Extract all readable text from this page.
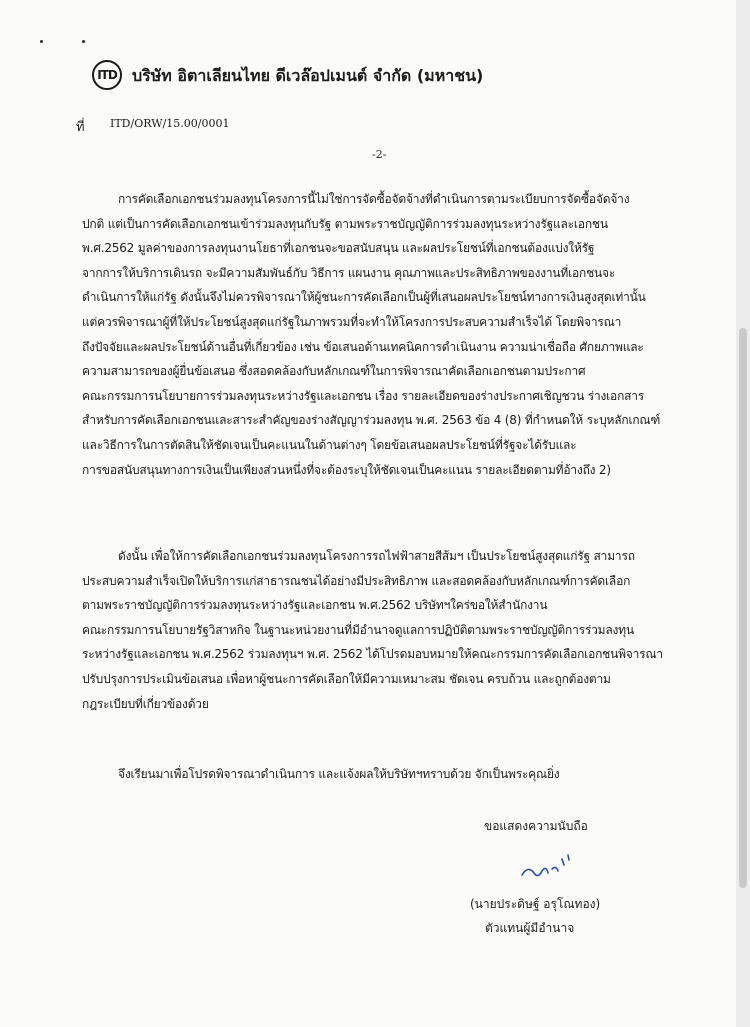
ITD บริษัท อิตาเลียนไทย ดีเวล๊อปเมนต์ จำกัด (มหาชน)
ที่ ITD/ORW/15.00/0001
-2-
การคัดเลือกเอกชนร่วมลงทุนโครงการนี้ไม่ใช่การจัดซื้อจัดจ้างที่ดำเนินการตามระเบียบการจัดซื้อจัดจ้าง
ปกติ แต่เป็นการคัดเลือกเอกชนเข้าร่วมลงทุนกับรัฐ ตามพระราชบัญญัติการร่วมลงทุนระหว่างรัฐและเอกชน
พ.ศ.2562 มูลค่าของการลงทุนงานโยธาที่เอกชนจะขอสนับสนุน และผลประโยชน์ที่เอกชนต้องแบ่งให้รัฐ
จากการให้บริการเดินรถ จะมีความสัมพันธ์กับ วิธีการ แผนงาน คุณภาพและประสิทธิภาพของงานที่เอกชนจะ
ดำเนินการให้แก่รัฐ ดังนั้นจึงไม่ควรพิจารณาให้ผู้ชนะการคัดเลือกเป็นผู้ที่เสนอผลประโยชน์ทางการเงินสูงสุดเท่านั้น
แต่ควรพิจารณาผู้ที่ให้ประโยชน์สูงสุดแก่รัฐในภาพรวมที่จะทำให้โครงการประสบความสำเร็จได้ โดยพิจารณา
ถึงปัจจัยและผลประโยชน์ด้านอื่นที่เกี่ยวข้อง เช่น ข้อเสนอด้านเทคนิคการดำเนินงาน ความน่าเชื่อถือ ศักยภาพและ
ความสามารถของผู้ยื่นข้อเสนอ ซึ่งสอดคล้องกับหลักเกณฑ์ในการพิจารณาคัดเลือกเอกชนตามประกาศ
คณะกรรมการนโยบายการร่วมลงทุนระหว่างรัฐและเอกชน เรื่อง รายละเอียดของร่างประกาศเชิญชวน ร่างเอกสาร
สำหรับการคัดเลือกเอกชนและสาระสำคัญของร่างสัญญาร่วมลงทุน พ.ศ. 2563 ข้อ 4 (8) ที่กำหนดให้ ระบุหลักเกณฑ์
และวิธีการในการตัดสินให้ชัดเจนเป็นคะแนนในด้านต่างๆ โดยข้อเสนอผลประโยชน์ที่รัฐจะได้รับและ
การขอสนับสนุนทางการเงินเป็นเพียงส่วนหนึ่งที่จะต้องระบุให้ชัดเจนเป็นคะแนน รายละเอียดตามที่อ้างถึง 2)
ดังนั้น เพื่อให้การคัดเลือกเอกชนร่วมลงทุนโครงการรถไฟฟ้าสายสีส้มฯ เป็นประโยชน์สูงสุดแก่รัฐ สามารถ
ประสบความสำเร็จเปิดให้บริการแก่สาธารณชนได้อย่างมีประสิทธิภาพ และสอดคล้องกับหลักเกณฑ์การคัดเลือก
ตามพระราชบัญญัติการร่วมลงทุนระหว่างรัฐและเอกชน พ.ศ.2562 บริษัทฯใคร่ขอให้สำนักงาน
คณะกรรมการนโยบายรัฐวิสาหกิจ ในฐานะหน่วยงานที่มีอำนาจดูแลการปฏิบัติตามพระราชบัญญัติการร่วมลงทุน
ระหว่างรัฐและเอกชน พ.ศ.2562 ร่วมลงทุนฯ พ.ศ. 2562 ได้โปรดมอบหมายให้คณะกรรมการคัดเลือกเอกชนพิจารณา
ปรับปรุงการประเมินข้อเสนอ เพื่อหาผู้ชนะการคัดเลือกให้มีความเหมาะสม ชัดเจน ครบถ้วน และถูกต้องตาม
กฎระเบียบที่เกี่ยวข้องด้วย
จึงเรียนมาเพื่อโปรดพิจารณาดำเนินการ และแจ้งผลให้บริษัทฯทราบด้วย จักเป็นพระคุณยิ่ง
ขอแสดงความนับถือ
(นายประดิษฐ์ อรุโณทอง)
ตัวแทนผู้มีอำนาจ
